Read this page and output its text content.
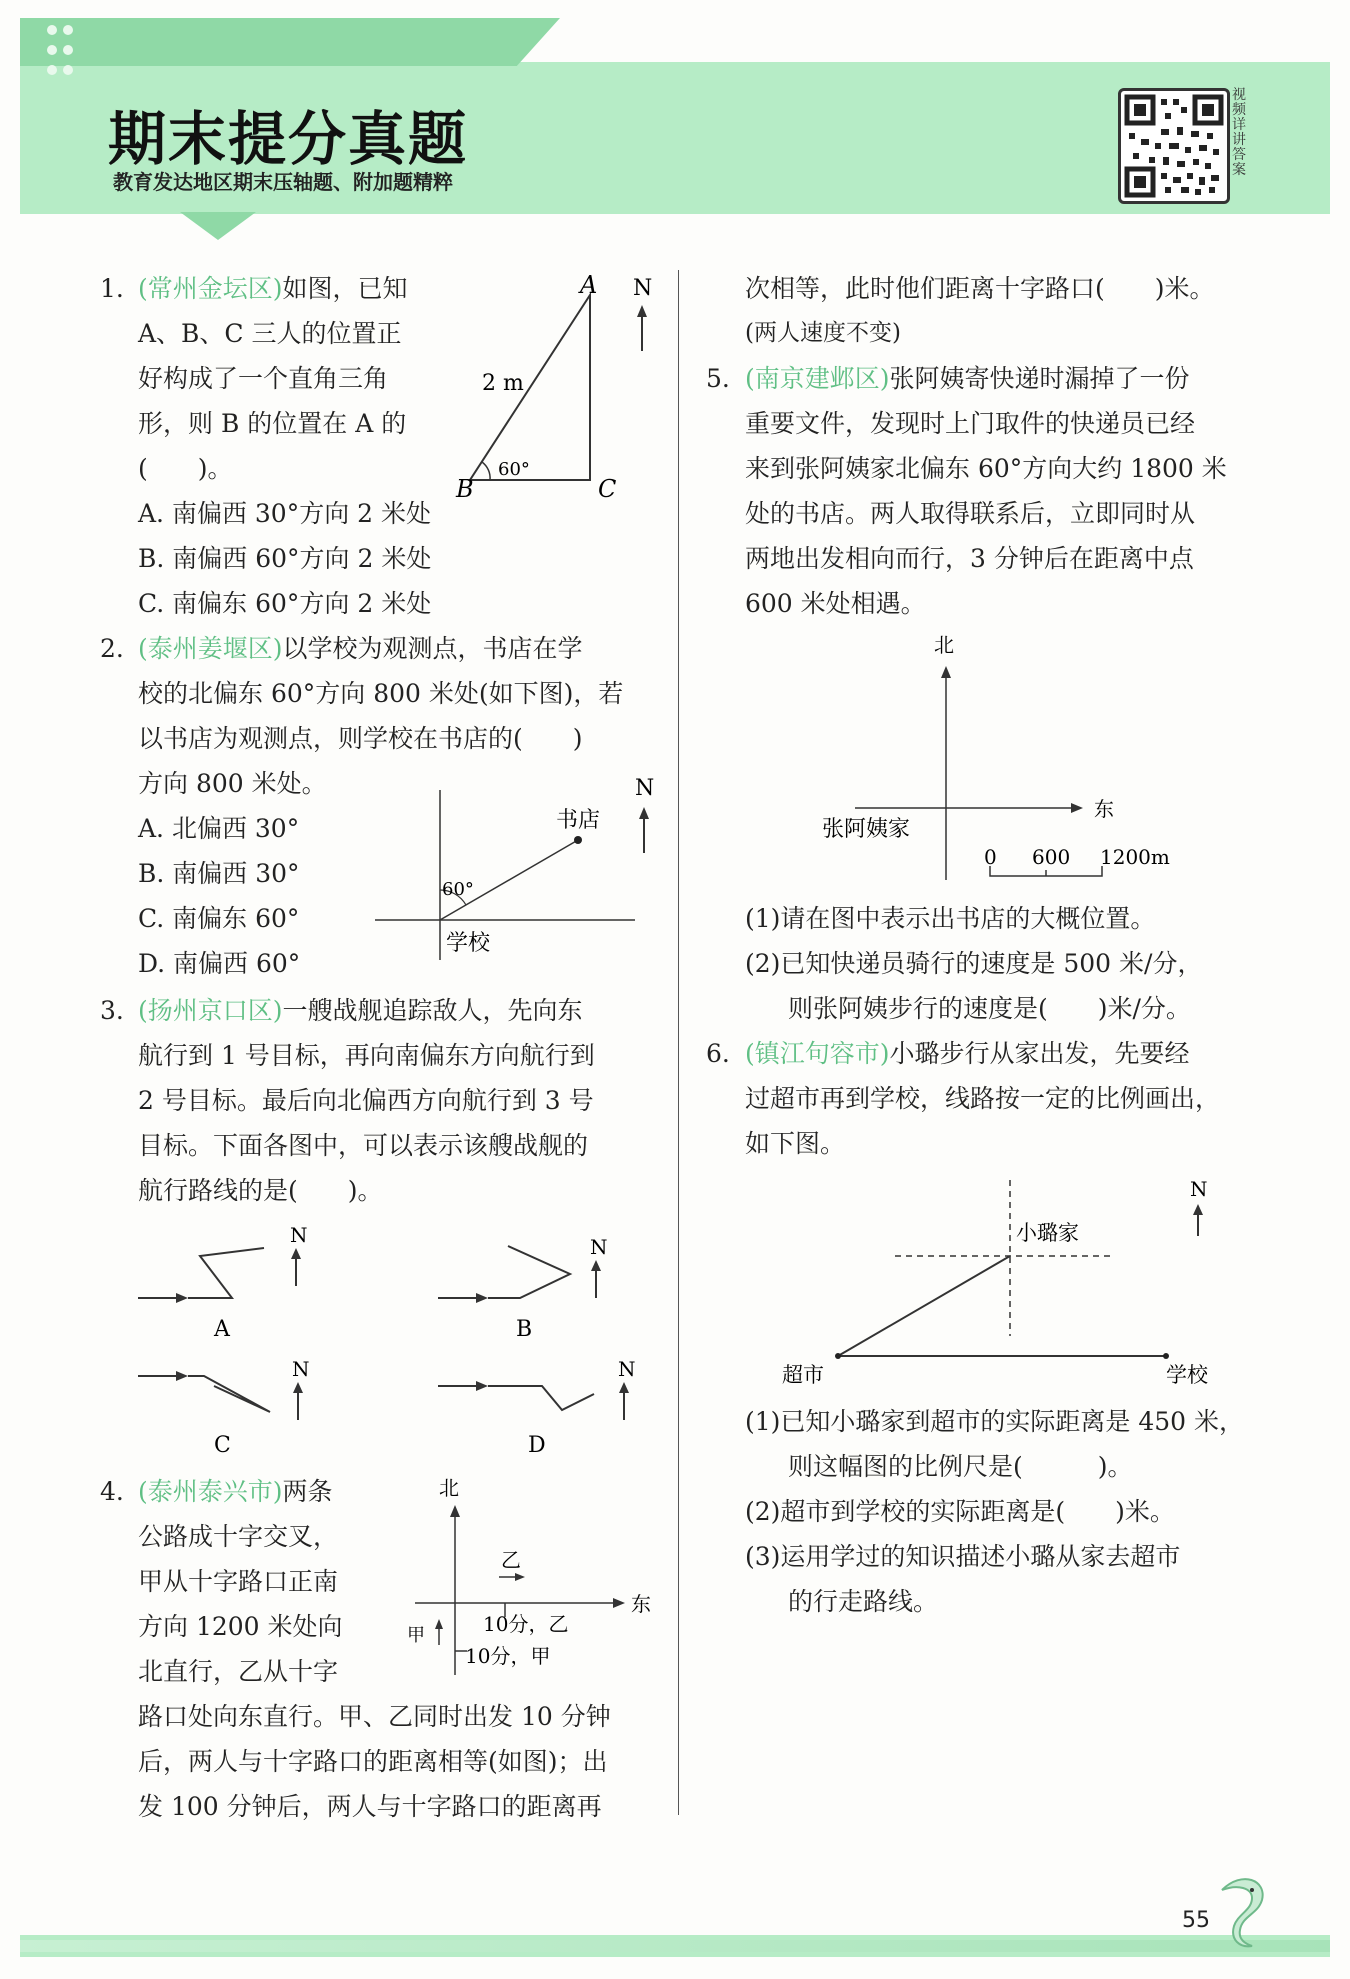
期末提分真题
教育发达地区期末压轴题、附加题精粹
视频详讲答案
1. (常州金坛区)如图，已知
A、B、C 三人的位置正
好构成了一个直角三角
形，则 B 的位置在 A 的
(　　)。
A. 南偏西 30°方向 2 米处
B. 南偏西 60°方向 2 米处
C. 南偏东 60°方向 2 米处
A
B	C
2 m
60°
N
2. (泰州姜堰区)以学校为观测点，书店在学
校的北偏东 60°方向 800 米处(如下图)，若
以书店为观测点，则学校在书店的(　　)
方向 800 米处。
A. 北偏西 30°
B. 南偏西 30°
C. 南偏东 60°
D. 南偏西 60°
60°
书店
学校
N
3. (扬州京口区)一艘战舰追踪敌人，先向东
航行到 1 号目标，再向南偏东方向航行到
2 号目标。最后向北偏西方向航行到 3 号
目标。下面各图中，可以表示该艘战舰的
航行路线的是(　　)。
N
A
N
B
N
C
N
D
4. (泰州泰兴市)两条
公路成十字交叉，
甲从十字路口正南
方向 1200 米处向
北直行，乙从十字
路口处向东直行。甲、乙同时出发 10 分钟
后，两人与十字路口的距离相等(如图)；出
发 100 分钟后，两人与十字路口的距离再
北
东
乙
10分，乙
甲
10分，甲
次相等，此时他们距离十字路口(　　)米。
(两人速度不变)
5. (南京建邺区)张阿姨寄快递时漏掉了一份
重要文件，发现时上门取件的快递员已经
来到张阿姨家北偏东 60°方向大约 1800 米
处的书店。两人取得联系后，立即同时从
两地出发相向而行，3 分钟后在距离中点
600 米处相遇。
北
东
张阿姨家
0 600 1200m
(1)请在图中表示出书店的大概位置。
(2)已知快递员骑行的速度是 500 米/分，
则张阿姨步行的速度是(　　)米/分。
6. (镇江句容市)小璐步行从家出发，先要经
过超市再到学校，线路按一定的比例画出，
如下图。
N
小璐家
超市	学校
(1)已知小璐家到超市的实际距离是 450 米，
则这幅图的比例尺是(　　　)。
(2)超市到学校的实际距离是(　　)米。
(3)运用学过的知识描述小璐从家去超市
的行走路线。
55
